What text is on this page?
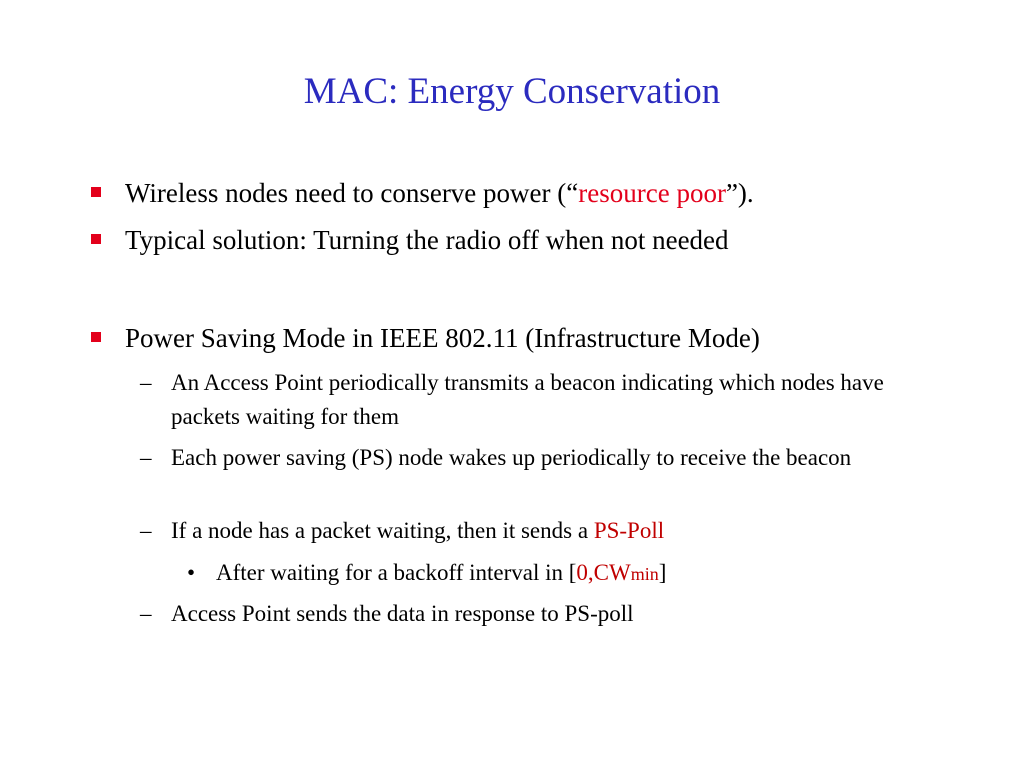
MAC: Energy Conservation
Wireless nodes need to conserve power (“resource poor”).
Typical solution: Turning the radio off when not needed
Power Saving Mode in IEEE 802.11 (Infrastructure Mode)
– An Access Point periodically transmits a beacon indicating which nodes have packets waiting for them
– Each power saving (PS) node wakes up periodically to receive the beacon
– If a node has a packet waiting, then it sends a PS-Poll
• After waiting for a backoff interval in [0,CWmin]
– Access Point sends the data in response to PS-poll
